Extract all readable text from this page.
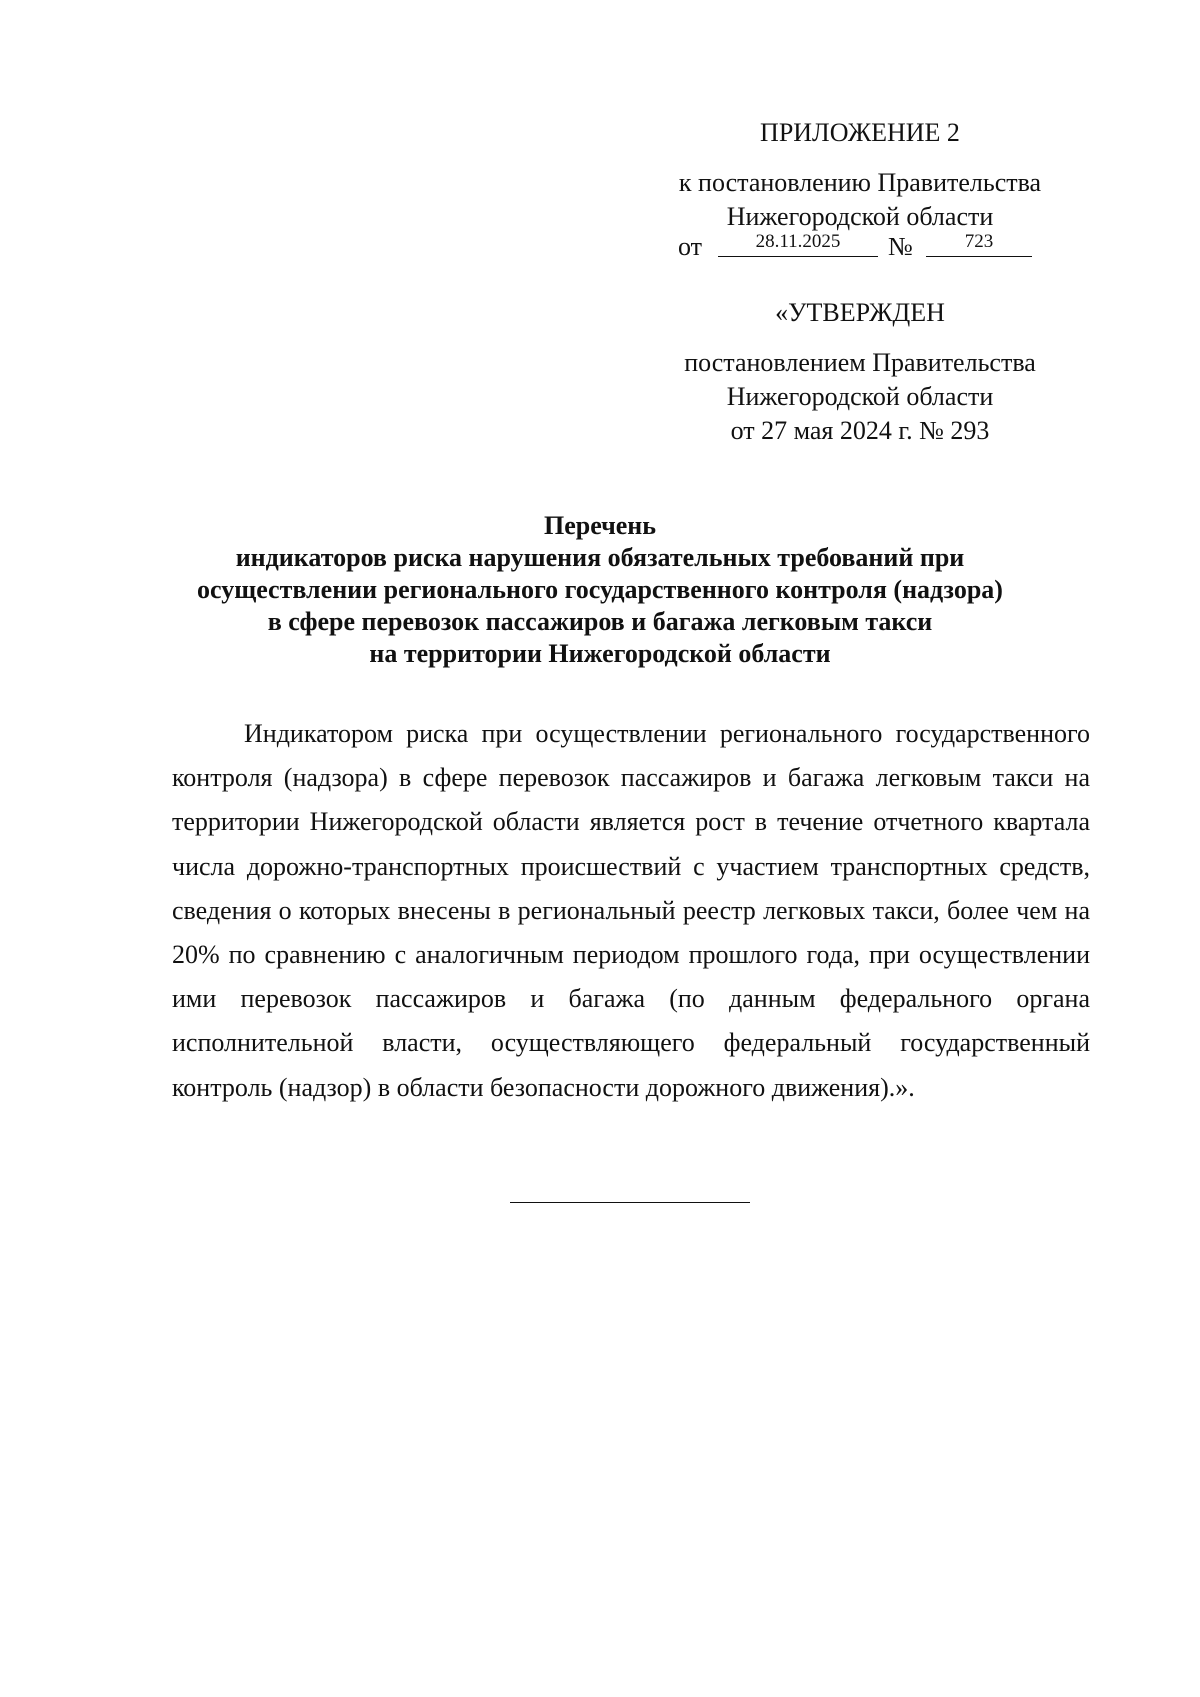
ПРИЛОЖЕНИЕ 2
к постановлению Правительства
Нижегородской области
от	28.11.2025	№	723
«УТВЕРЖДЕН
постановлением Правительства
Нижегородской области
от 27 мая 2024 г. № 293
Перечень
индикаторов риска нарушения обязательных требований при
осуществлении регионального государственного контроля (надзора)
в сфере перевозок пассажиров и багажа легковым такси
на территории Нижегородской области

Индикатором риска при осуществлении регионального государственного контроля (надзора) в сфере перевозок пассажиров и багажа легковым такси на территории Нижегородской области является рост в течение отчетного квартала числа дорожно-транспортных происшествий с участием транспортных средств, сведения о которых внесены в региональный реестр легковых такси, более чем на 20% по сравнению с аналогичным периодом прошлого года, при осуществлении ими перевозок пассажиров и багажа (по данным федерального органа исполнительной власти, осуществляющего федеральный государственный контроль (надзор) в области безопасности дорожного движения).».
